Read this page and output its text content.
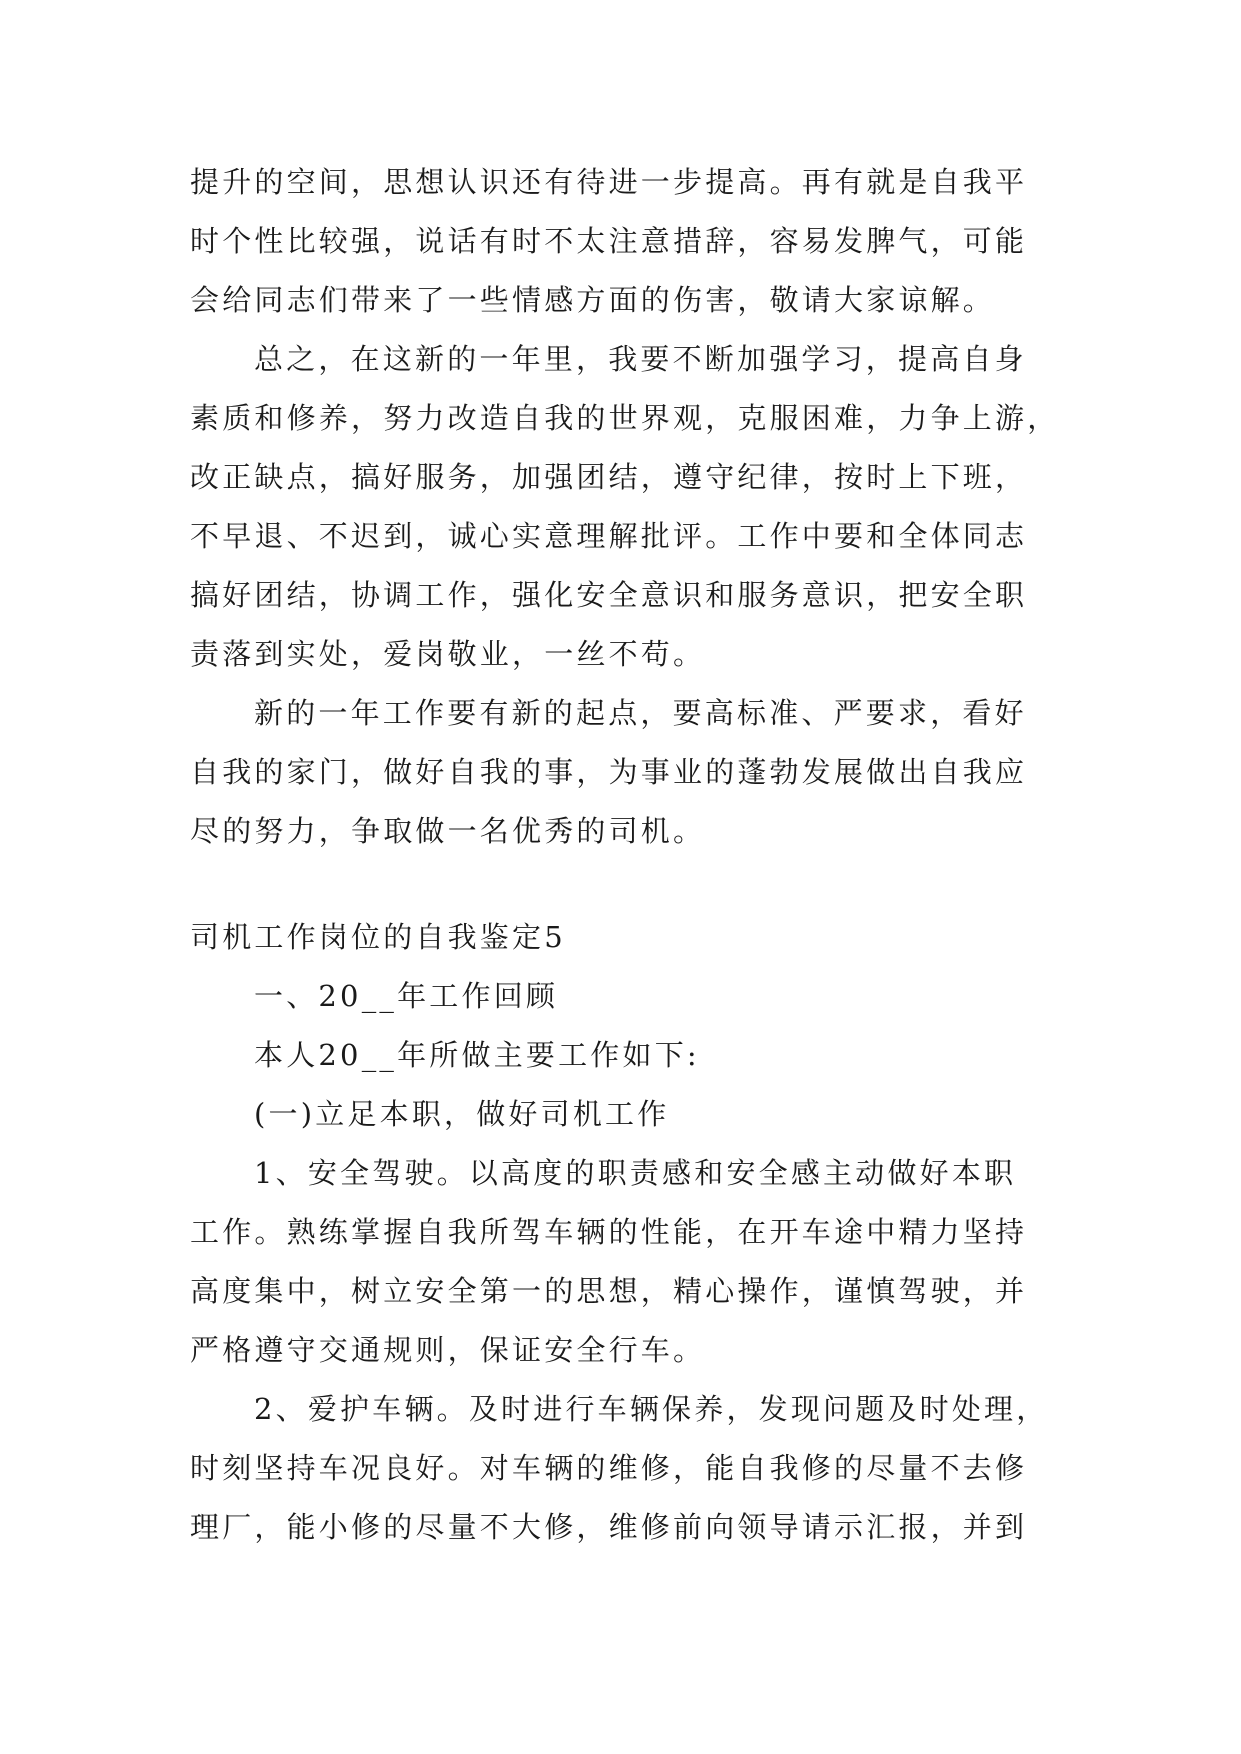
提升的空间，思想认识还有待进一步提高。再有就是自我平
时个性比较强，说话有时不太注意措辞，容易发脾气，可能
会给同志们带来了一些情感方面的伤害，敬请大家谅解。
总之，在这新的一年里，我要不断加强学习，提高自身
素质和修养，努力改造自我的世界观，克服困难，力争上游，
改正缺点，搞好服务，加强团结，遵守纪律，按时上下班，
不早退、不迟到，诚心实意理解批评。工作中要和全体同志
搞好团结，协调工作，强化安全意识和服务意识，把安全职
责落到实处，爱岗敬业，一丝不苟。
新的一年工作要有新的起点，要高标准、严要求，看好
自我的家门，做好自我的事，为事业的蓬勃发展做出自我应
尽的努力，争取做一名优秀的司机。
司机工作岗位的自我鉴定5
一、20__年工作回顾
本人20__年所做主要工作如下:
(一)立足本职，做好司机工作
1、安全驾驶。以高度的职责感和安全感主动做好本职
工作。熟练掌握自我所驾车辆的性能，在开车途中精力坚持
高度集中，树立安全第一的思想，精心操作，谨慎驾驶，并
严格遵守交通规则，保证安全行车。
2、爱护车辆。及时进行车辆保养，发现问题及时处理，
时刻坚持车况良好。对车辆的维修，能自我修的尽量不去修
理厂，能小修的尽量不大修，维修前向领导请示汇报，并到
